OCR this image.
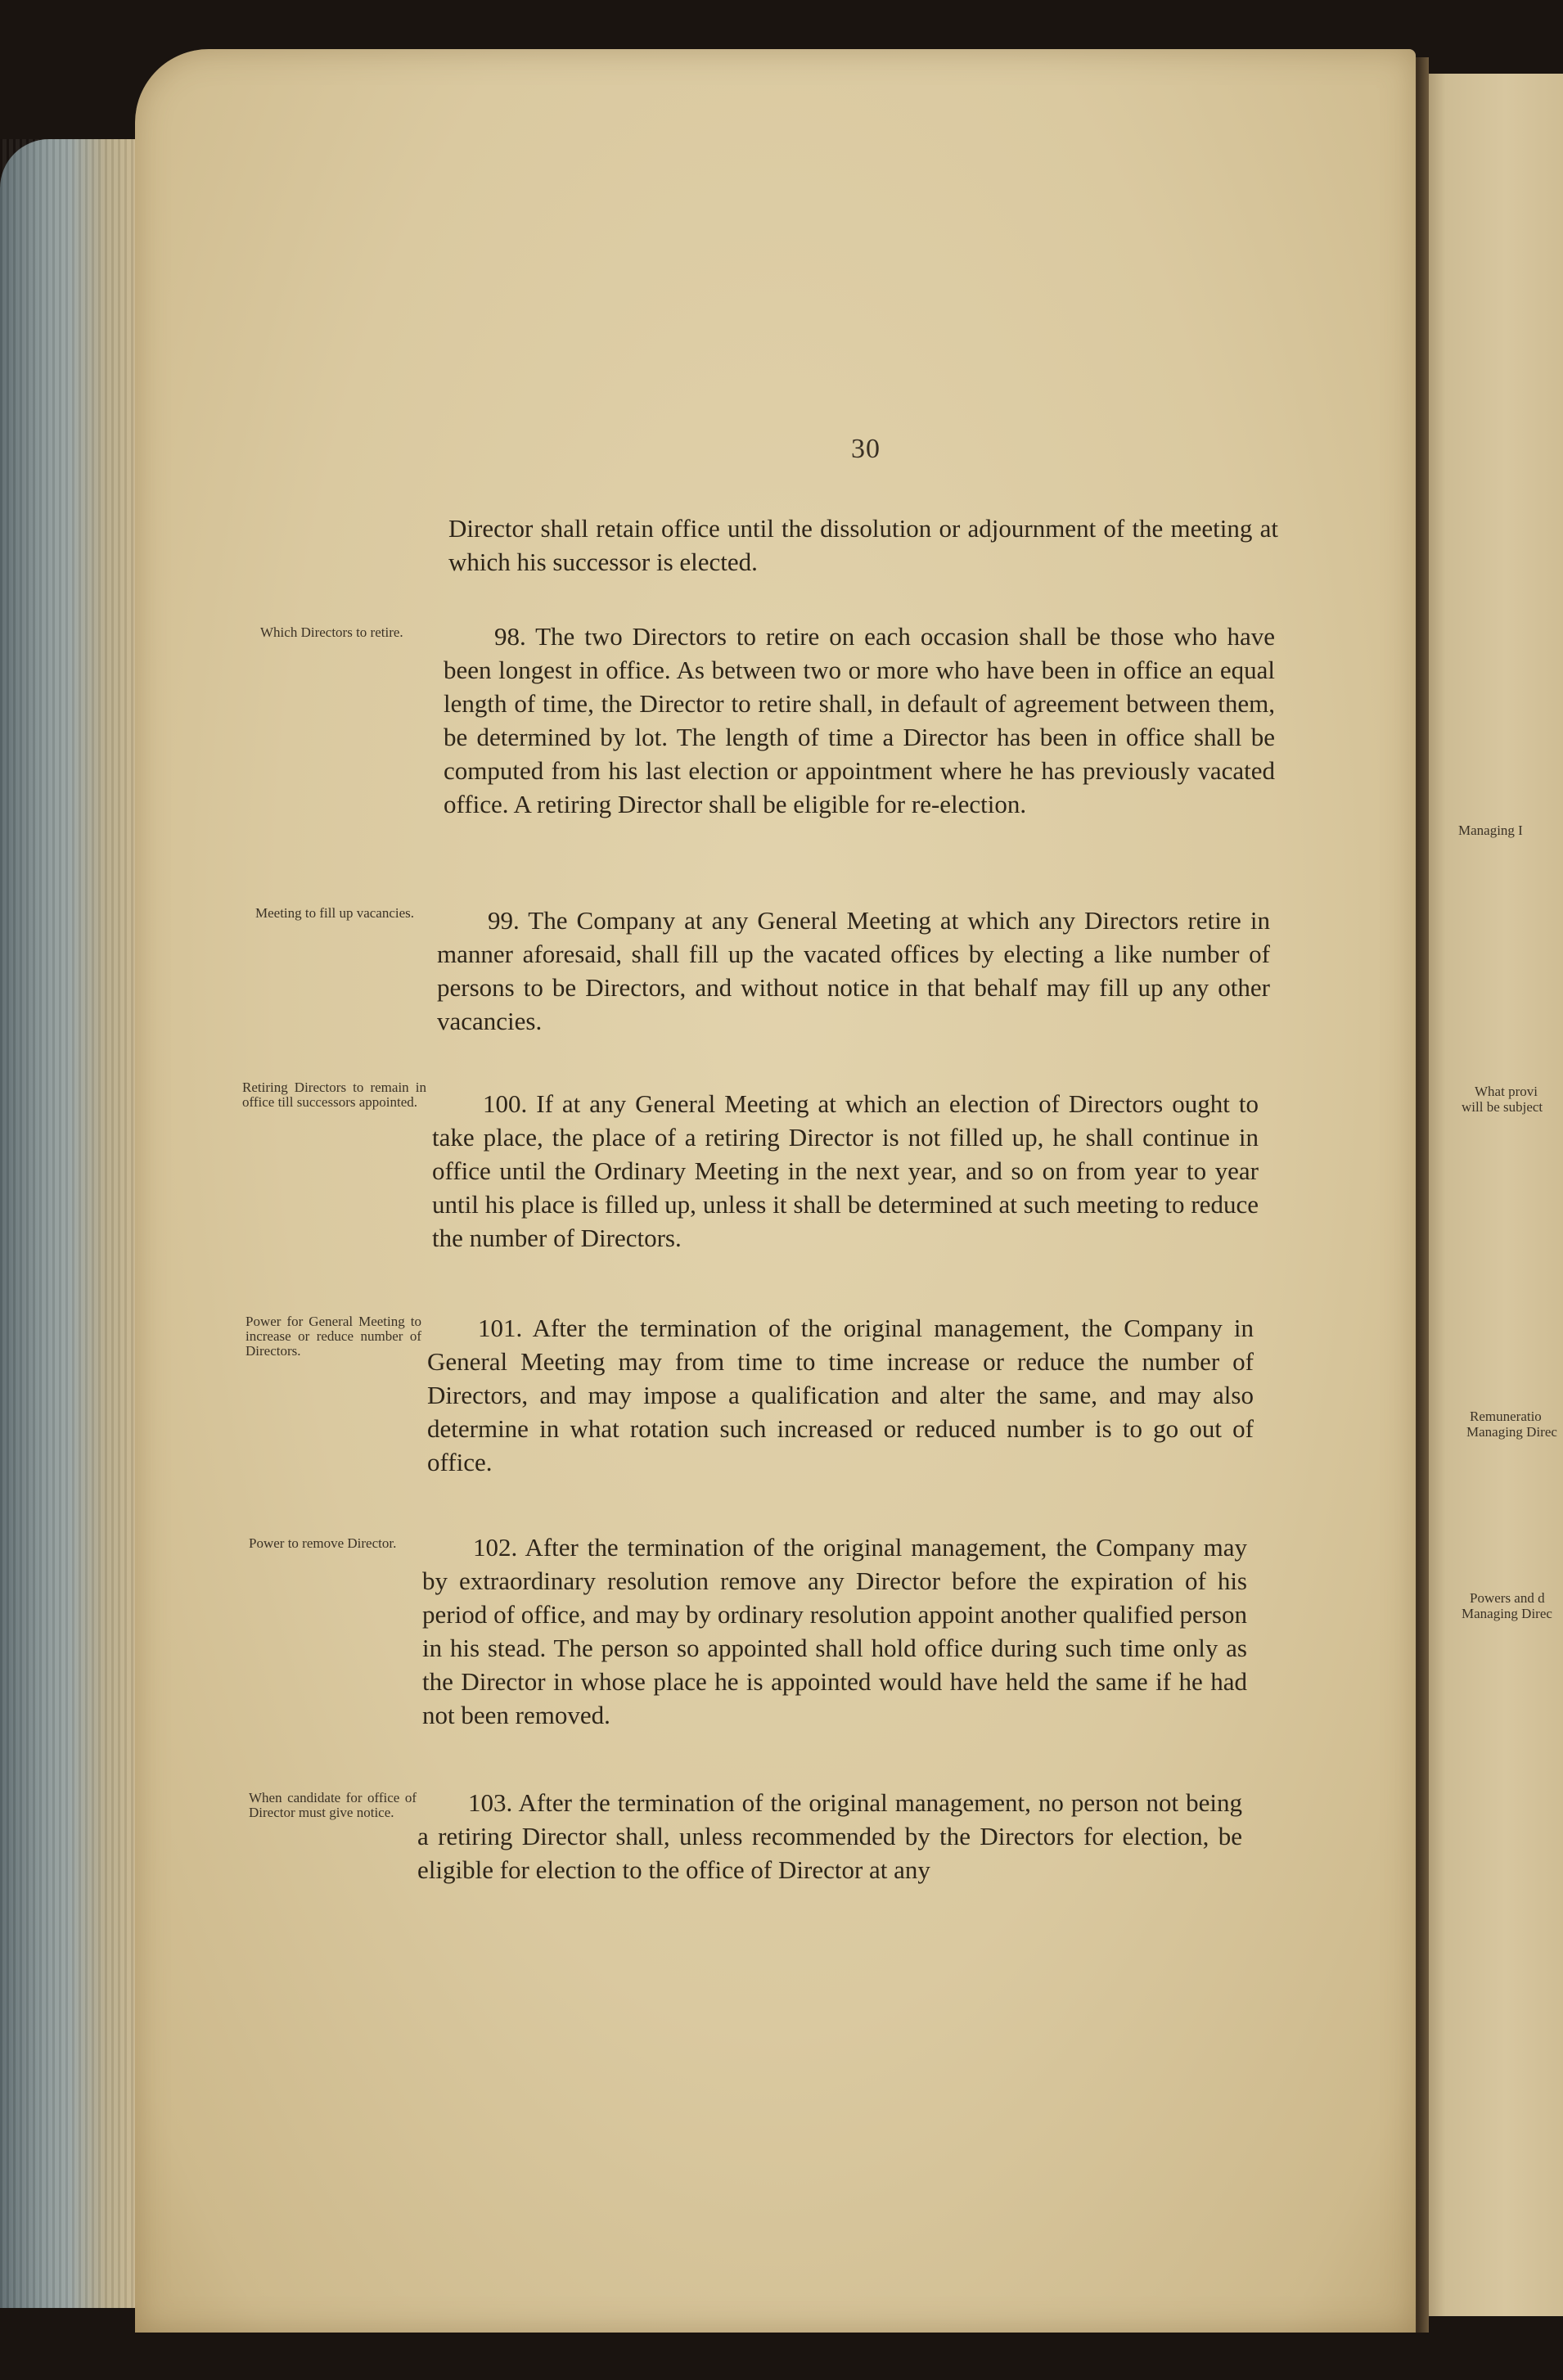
30

Director shall retain office until the dissolution or adjournment of the meeting at which his successor is elected.

Which Directors to retire.	98. The two Directors to retire on each occasion shall be those who have been longest in office. As between two or more who have been in office an equal length of time, the Director to retire shall, in default of agreement between them, be determined by lot. The length of time a Director has been in office shall be computed from his last election or appointment where he has previously vacated office. A retiring Director shall be eligible for re-election.

Meeting to fill up vacancies.	99. The Company at any General Meeting at which any Directors retire in manner aforesaid, shall fill up the vacated offices by electing a like number of persons to be Directors, and without notice in that behalf may fill up any other vacancies.

Retiring Directors to remain in office till successors appointed.	100. If at any General Meeting at which an election of Directors ought to take place, the place of a retiring Director is not filled up, he shall continue in office until the Ordinary Meeting in the next year, and so on from year to year until his place is filled up, unless it shall be determined at such meeting to reduce the number of Directors.

Power for General Meeting to increase or reduce number of Directors.

101. After the termination of the original management, the Company in General Meeting may from time to time increase or reduce the number of Directors, and may impose a qualification and alter the same, and may also determine in what rotation such increased or reduced number is to go out of office.

Power to remove Director.	102. After the termination of the original management, the Company may by extraordinary resolution remove any Director before the expiration of his period of office, and may by ordinary resolution appoint another qualified person in his stead. The person so appointed shall hold office during such time only as the Director in whose place he is appointed would have held the same if he had not been removed.

When candidate for office of Director must give notice.	103. After the termination of the original management, no person not being a retiring Director shall, unless recommended by the Directors for election, be eligible for election to the office of Director at any

Managing I
What provi
will be subject
Remuneratio
Managing Direc
Powers and d
Managing Direc
